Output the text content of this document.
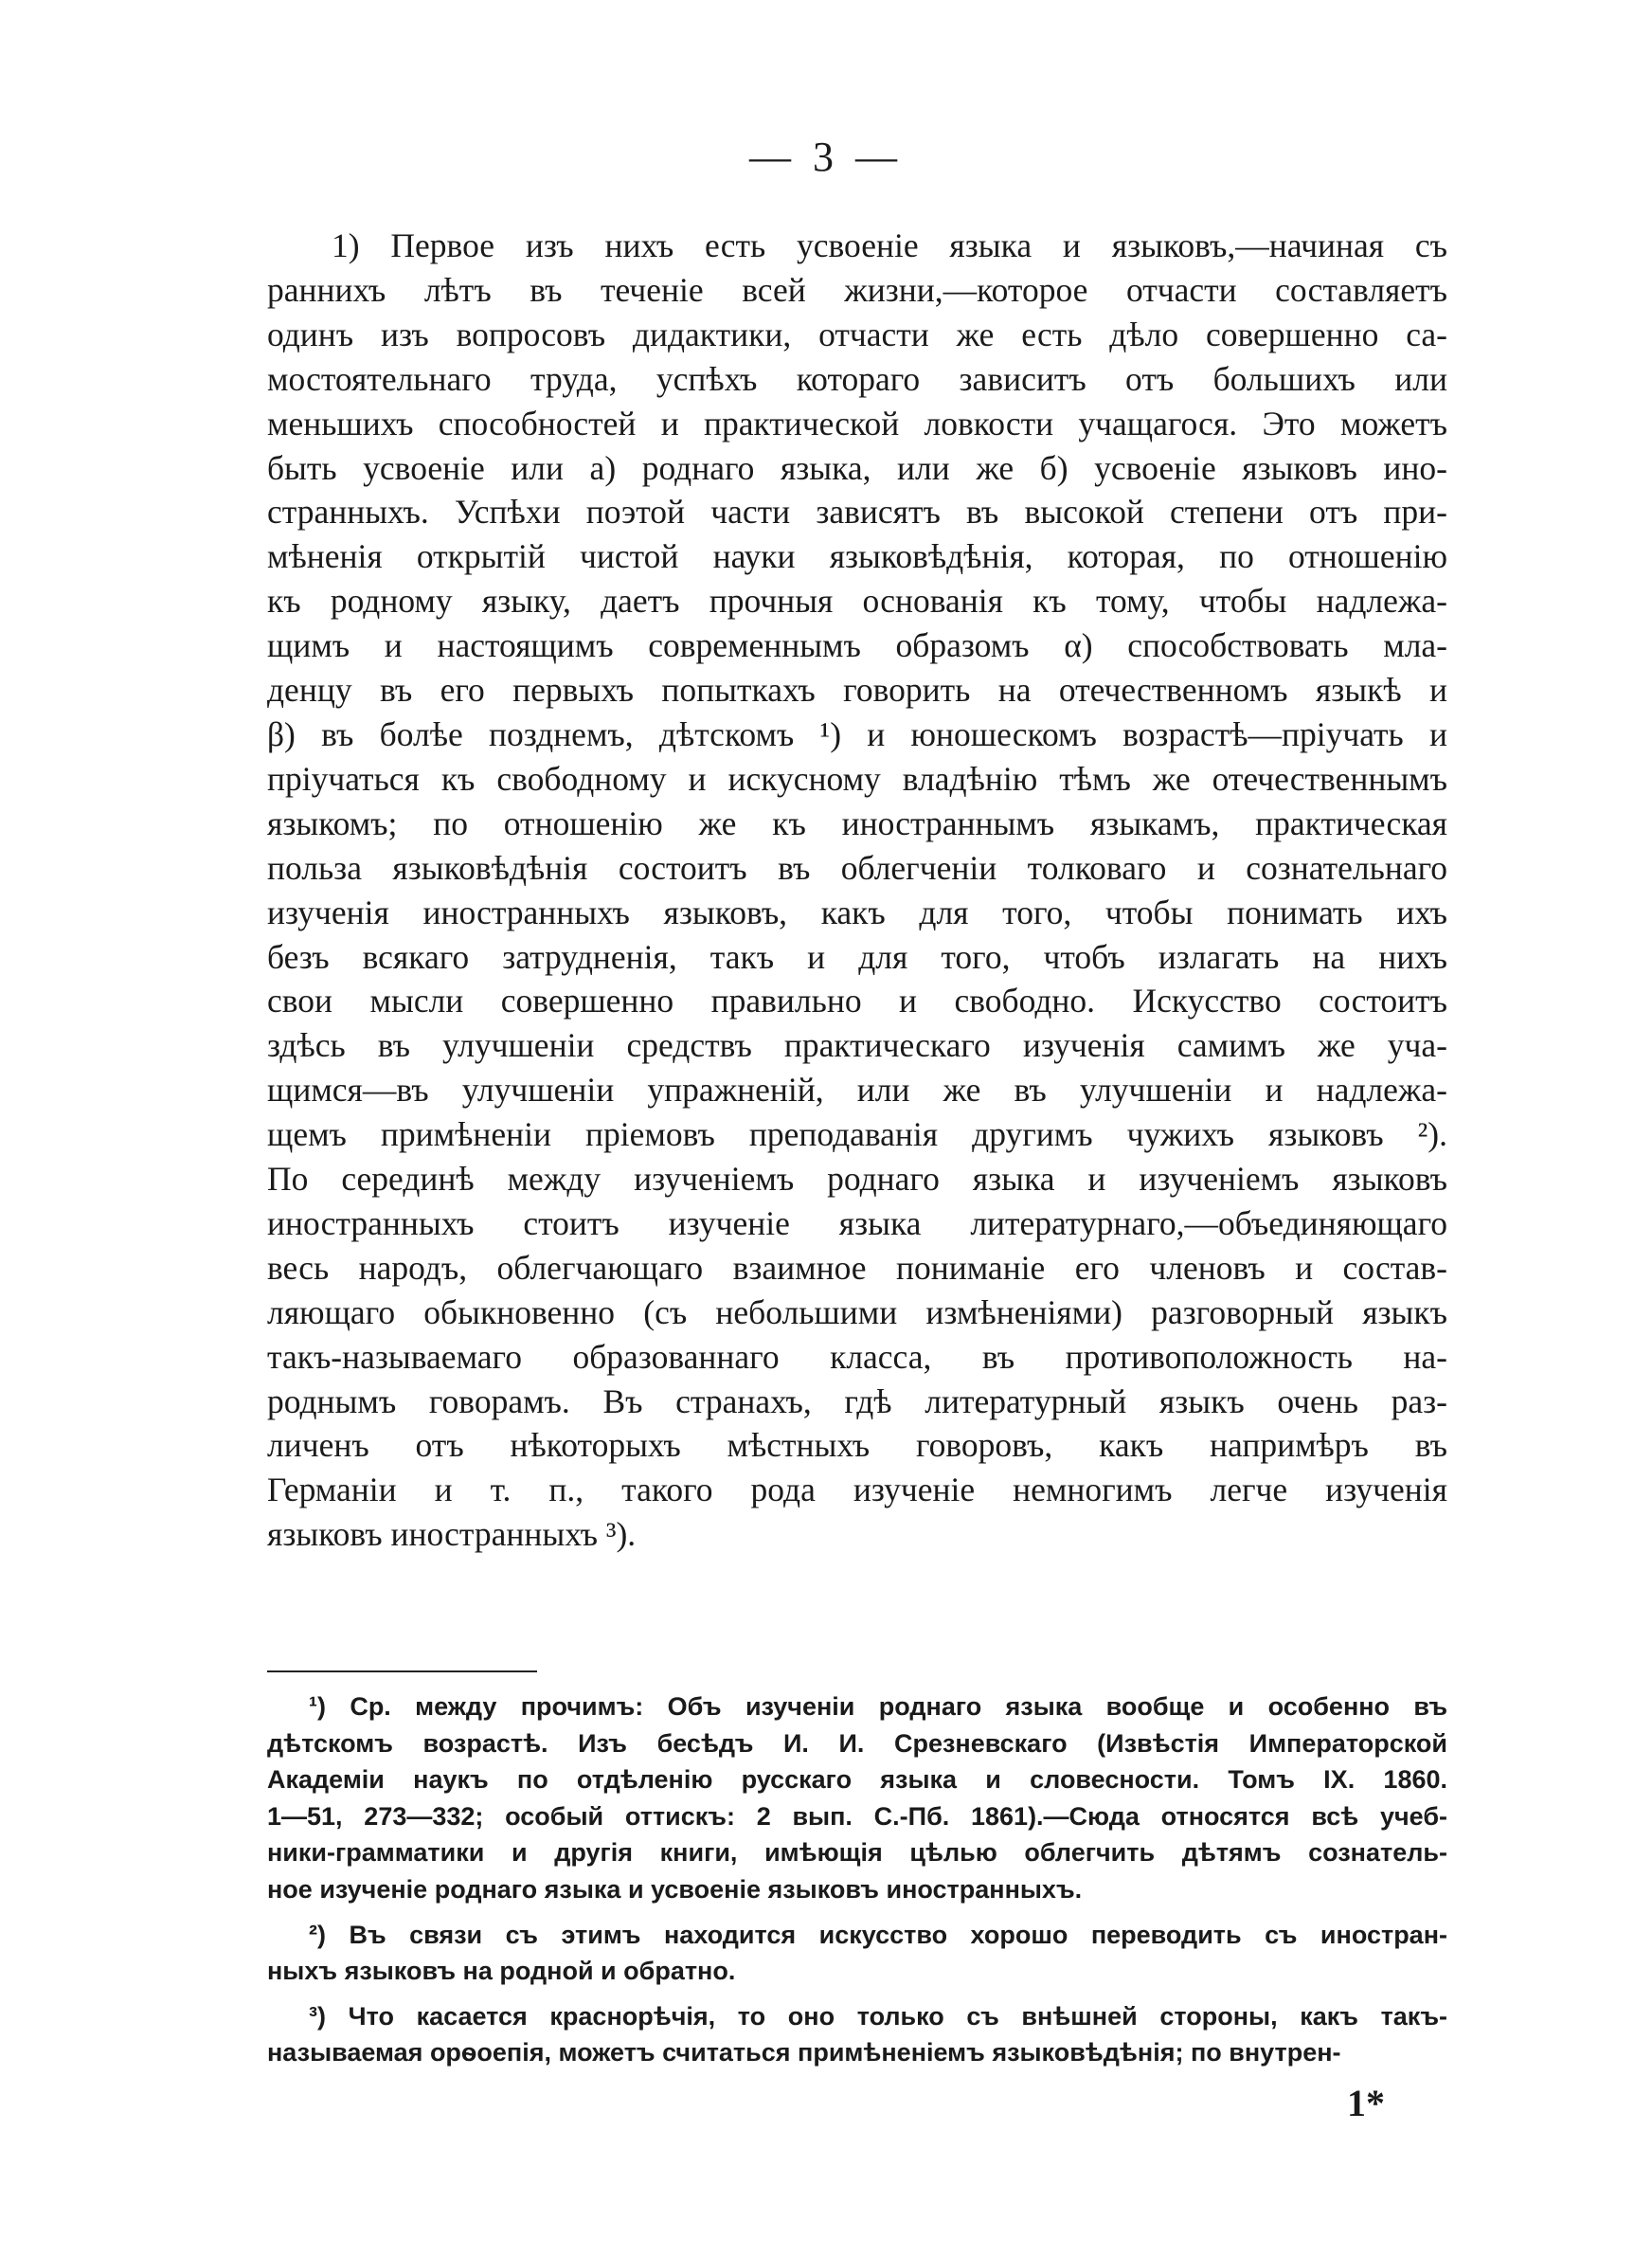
— 3 —
1) Первое изъ нихъ есть усвоеніе языка и языковъ,—начиная съ
раннихъ лѣтъ въ теченіе всей жизни,—которое отчасти составляетъ
одинъ изъ вопросовъ дидактики, отчасти же есть дѣло совершенно са-
мостоятельнаго труда, успѣхъ котораго зависитъ отъ большихъ или
меньшихъ способностей и практической ловкости учащагося. Это можетъ
быть усвоеніе или а) роднаго языка, или же б) усвоеніе языковъ ино-
странныхъ. Успѣхи поэтой части зависятъ въ высокой степени отъ при-
мѣненія открытій чистой науки языковѣдѣнія, которая, по отношенію
къ родному языку, даетъ прочныя основанія къ тому, чтобы надлежа-
щимъ и настоящимъ современнымъ образомъ α) способствовать мла-
денцу въ его первыхъ попыткахъ говорить на отечественномъ языкѣ и
β) въ болѣе позднемъ, дѣтскомъ ¹) и юношескомъ возрастѣ—пріучать и
пріучаться къ свободному и искусному владѣнію тѣмъ же отечественнымъ
языкомъ; по отношенію же къ иностраннымъ языкамъ, практическая
польза языковѣдѣнія состоитъ въ облегченіи толковаго и сознательнаго
изученія иностранныхъ языковъ, какъ для того, чтобы понимать ихъ
безъ всякаго затрудненія, такъ и для того, чтобъ излагать на нихъ
свои мысли совершенно правильно и свободно. Искусство состоитъ
здѣсь въ улучшеніи средствъ практическаго изученія самимъ же уча-
щимся—въ улучшеніи упражненій, или же въ улучшеніи и надлежа-
щемъ примѣненіи пріемовъ преподаванія другимъ чужихъ языковъ ²).
По серединѣ между изученіемъ роднаго языка и изученіемъ языковъ
иностранныхъ стоитъ изученіе языка литературнаго,—объединяющаго
весь народъ, облегчающаго взаимное пониманіе его членовъ и состав-
ляющаго обыкновенно (съ небольшими измѣненіями) разговорный языкъ
такъ-называемаго образованнаго класса, въ противоположность на-
роднымъ говорамъ. Въ странахъ, гдѣ литературный языкъ очень раз-
личенъ отъ нѣкоторыхъ мѣстныхъ говоровъ, какъ напримѣръ въ
Германіи и т. п., такого рода изученіе немногимъ легче изученія
языковъ иностранныхъ ³).
¹) Ср. между прочимъ: Объ изученіи роднаго языка вообще и особенно въ
дѣтскомъ возрастѣ. Изъ бесѣдъ И. И. Срезневскаго (Извѣстія Императорской
Академіи наукъ по отдѣленію русскаго языка и словесности. Томъ IX. 1860.
1—51, 273—332; особый оттискъ: 2 вып. С.-Пб. 1861).—Сюда относятся всѣ учеб-
ники-грамматики и другія книги, имѣющія цѣлью облегчить дѣтямъ сознатель-
ное изученіе роднаго языка и усвоеніе языковъ иностранныхъ.
²) Въ связи съ этимъ находится искусство хорошо переводить съ иностран-
ныхъ языковъ на родной и обратно.
³) Что касается краснорѣчія, то оно только съ внѣшней стороны, какъ такъ-
называемая орѳоепія, можетъ считаться примѣненіемъ языковѣдѣнія; по внутрен-
1*
